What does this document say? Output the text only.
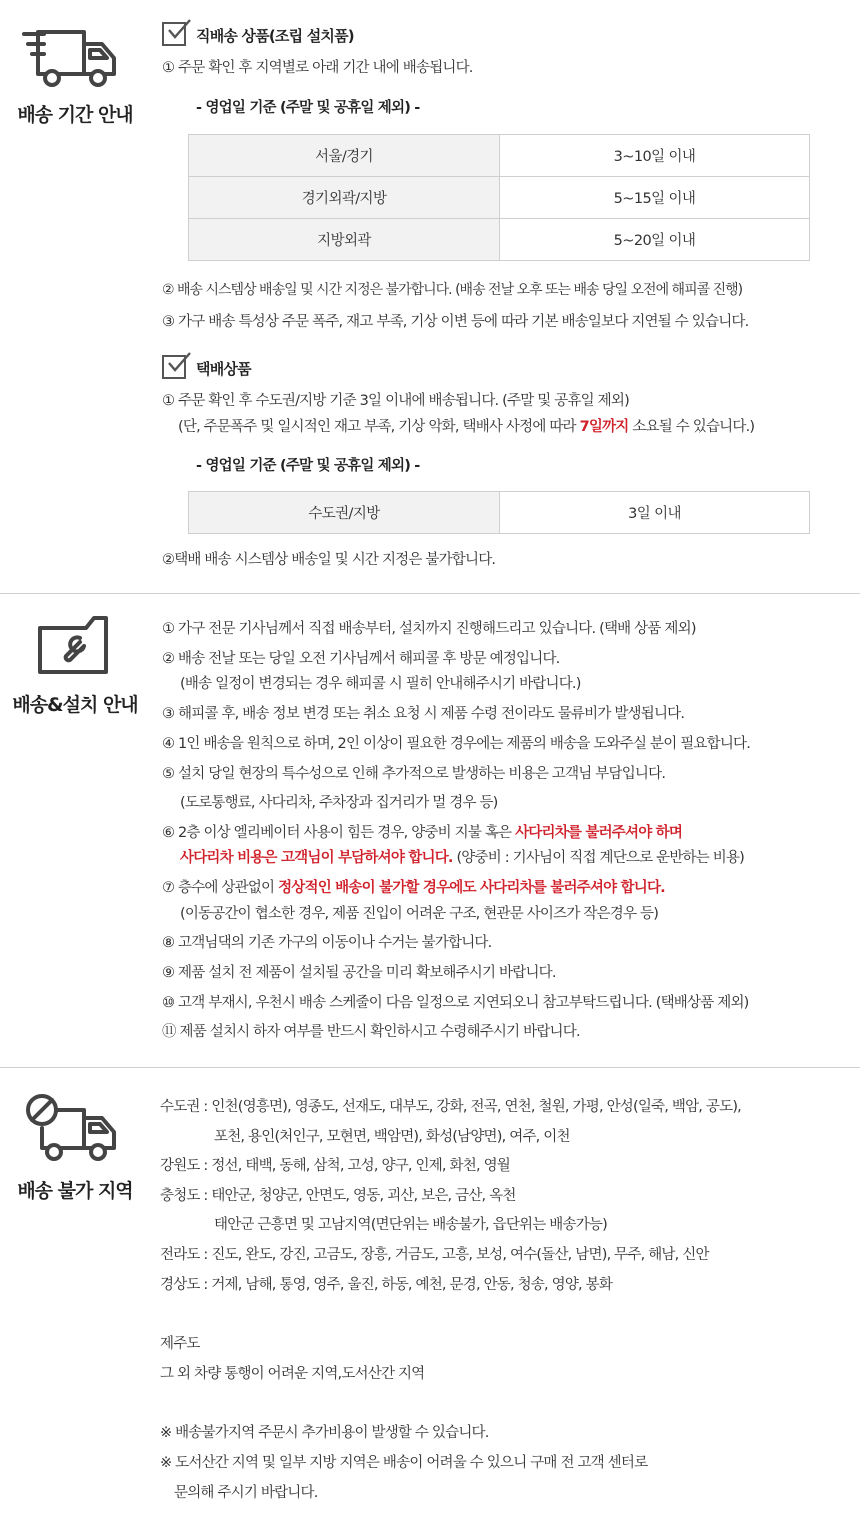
배송 기간 안내
직배송 상품(조립 설치품)
① 주문 확인 후 지역별로 아래 기간 내에 배송됩니다.
- 영업일 기준 (주말 및 공휴일 제외) -
서울/경기	3~10일 이내
경기외곽/지방	5~15일 이내
지방외곽	5~20일 이내
② 배송 시스템상 배송일 및 시간 지정은 불가합니다. (배송 전날 오후 또는 배송 당일 오전에 해피콜 진행)
③ 가구 배송 특성상 주문 폭주, 재고 부족, 기상 이변 등에 따라 기본 배송일보다 지연될 수 있습니다.
택배상품
① 주문 확인 후 수도권/지방 기준 3일 이내에 배송됩니다. (주말 및 공휴일 제외)
(단, 주문폭주 및 일시적인 재고 부족, 기상 악화, 택배사 사정에 따라 7일까지 소요될 수 있습니다.)
- 영업일 기준 (주말 및 공휴일 제외) -
수도권/지방	3일 이내
②택배 배송 시스템상 배송일 및 시간 지정은 불가합니다.
배송&설치 안내
① 가구 전문 기사님께서 직접 배송부터, 설치까지 진행해드리고 있습니다. (택배 상품 제외)
② 배송 전날 또는 당일 오전 기사님께서 해피콜 후 방문 예정입니다.
(배송 일정이 변경되는 경우 해피콜 시 필히 안내해주시기 바랍니다.)
③ 해피콜 후, 배송 정보 변경 또는 취소 요청 시 제품 수령 전이라도 물류비가 발생됩니다.
④ 1인 배송을 원칙으로 하며, 2인 이상이 필요한 경우에는 제품의 배송을 도와주실 분이 필요합니다.
⑤ 설치 당일 현장의 특수성으로 인해 추가적으로 발생하는 비용은 고객님 부담입니다.
(도로통행료, 사다리차, 주차장과 집거리가 멀 경우 등)
⑥ 2층 이상 엘리베이터 사용이 힘든 경우, 양중비 지불 혹은 사다리차를 불러주셔야 하며
사다리차 비용은 고객님이 부담하셔야 합니다. (양중비 : 기사님이 직접 계단으로 운반하는 비용)
⑦ 층수에 상관없이 정상적인 배송이 불가할 경우에도 사다리차를 불러주셔야 합니다.
(이동공간이 협소한 경우, 제품 진입이 어려운 구조, 현관문 사이즈가 작은경우 등)
⑧ 고객님댁의 기존 가구의 이동이나 수거는 불가합니다.
⑨ 제품 설치 전 제품이 설치될 공간을 미리 확보해주시기 바랍니다.
⑩ 고객 부재시, 우천시 배송 스케줄이 다음 일정으로 지연되오니 참고부탁드립니다. (택배상품 제외)
⑪ 제품 설치시 하자 여부를 반드시 확인하시고 수령해주시기 바랍니다.
배송 불가 지역
수도권 : 인천(영흥면), 영종도, 선재도, 대부도, 강화, 전곡, 연천, 철원, 가평, 안성(일죽, 백암, 공도),
포천, 용인(처인구, 모현면, 백암면), 화성(남양면), 여주, 이천
강원도 : 정선, 태백, 동해, 삼척, 고성, 양구, 인제, 화천, 영월
충청도 : 태안군, 청양군, 안면도, 영동, 괴산, 보은, 금산, 옥천
태안군 근흥면 및 고남지역(면단위는 배송불가, 읍단위는 배송가능)
전라도 : 진도, 완도, 강진, 고금도, 장흥, 거금도, 고흥, 보성, 여수(돌산, 남면), 무주, 해남, 신안
경상도 : 거제, 남해, 통영, 영주, 울진, 하동, 예천, 문경, 안동, 청송, 영양, 봉화
제주도
그 외 차량 통행이 어려운 지역,도서산간 지역
※ 배송불가지역 주문시 추가비용이 발생할 수 있습니다.
※ 도서산간 지역 및 일부 지방 지역은 배송이 어려울 수 있으니 구매 전 고객 센터로
문의해 주시기 바랍니다.
